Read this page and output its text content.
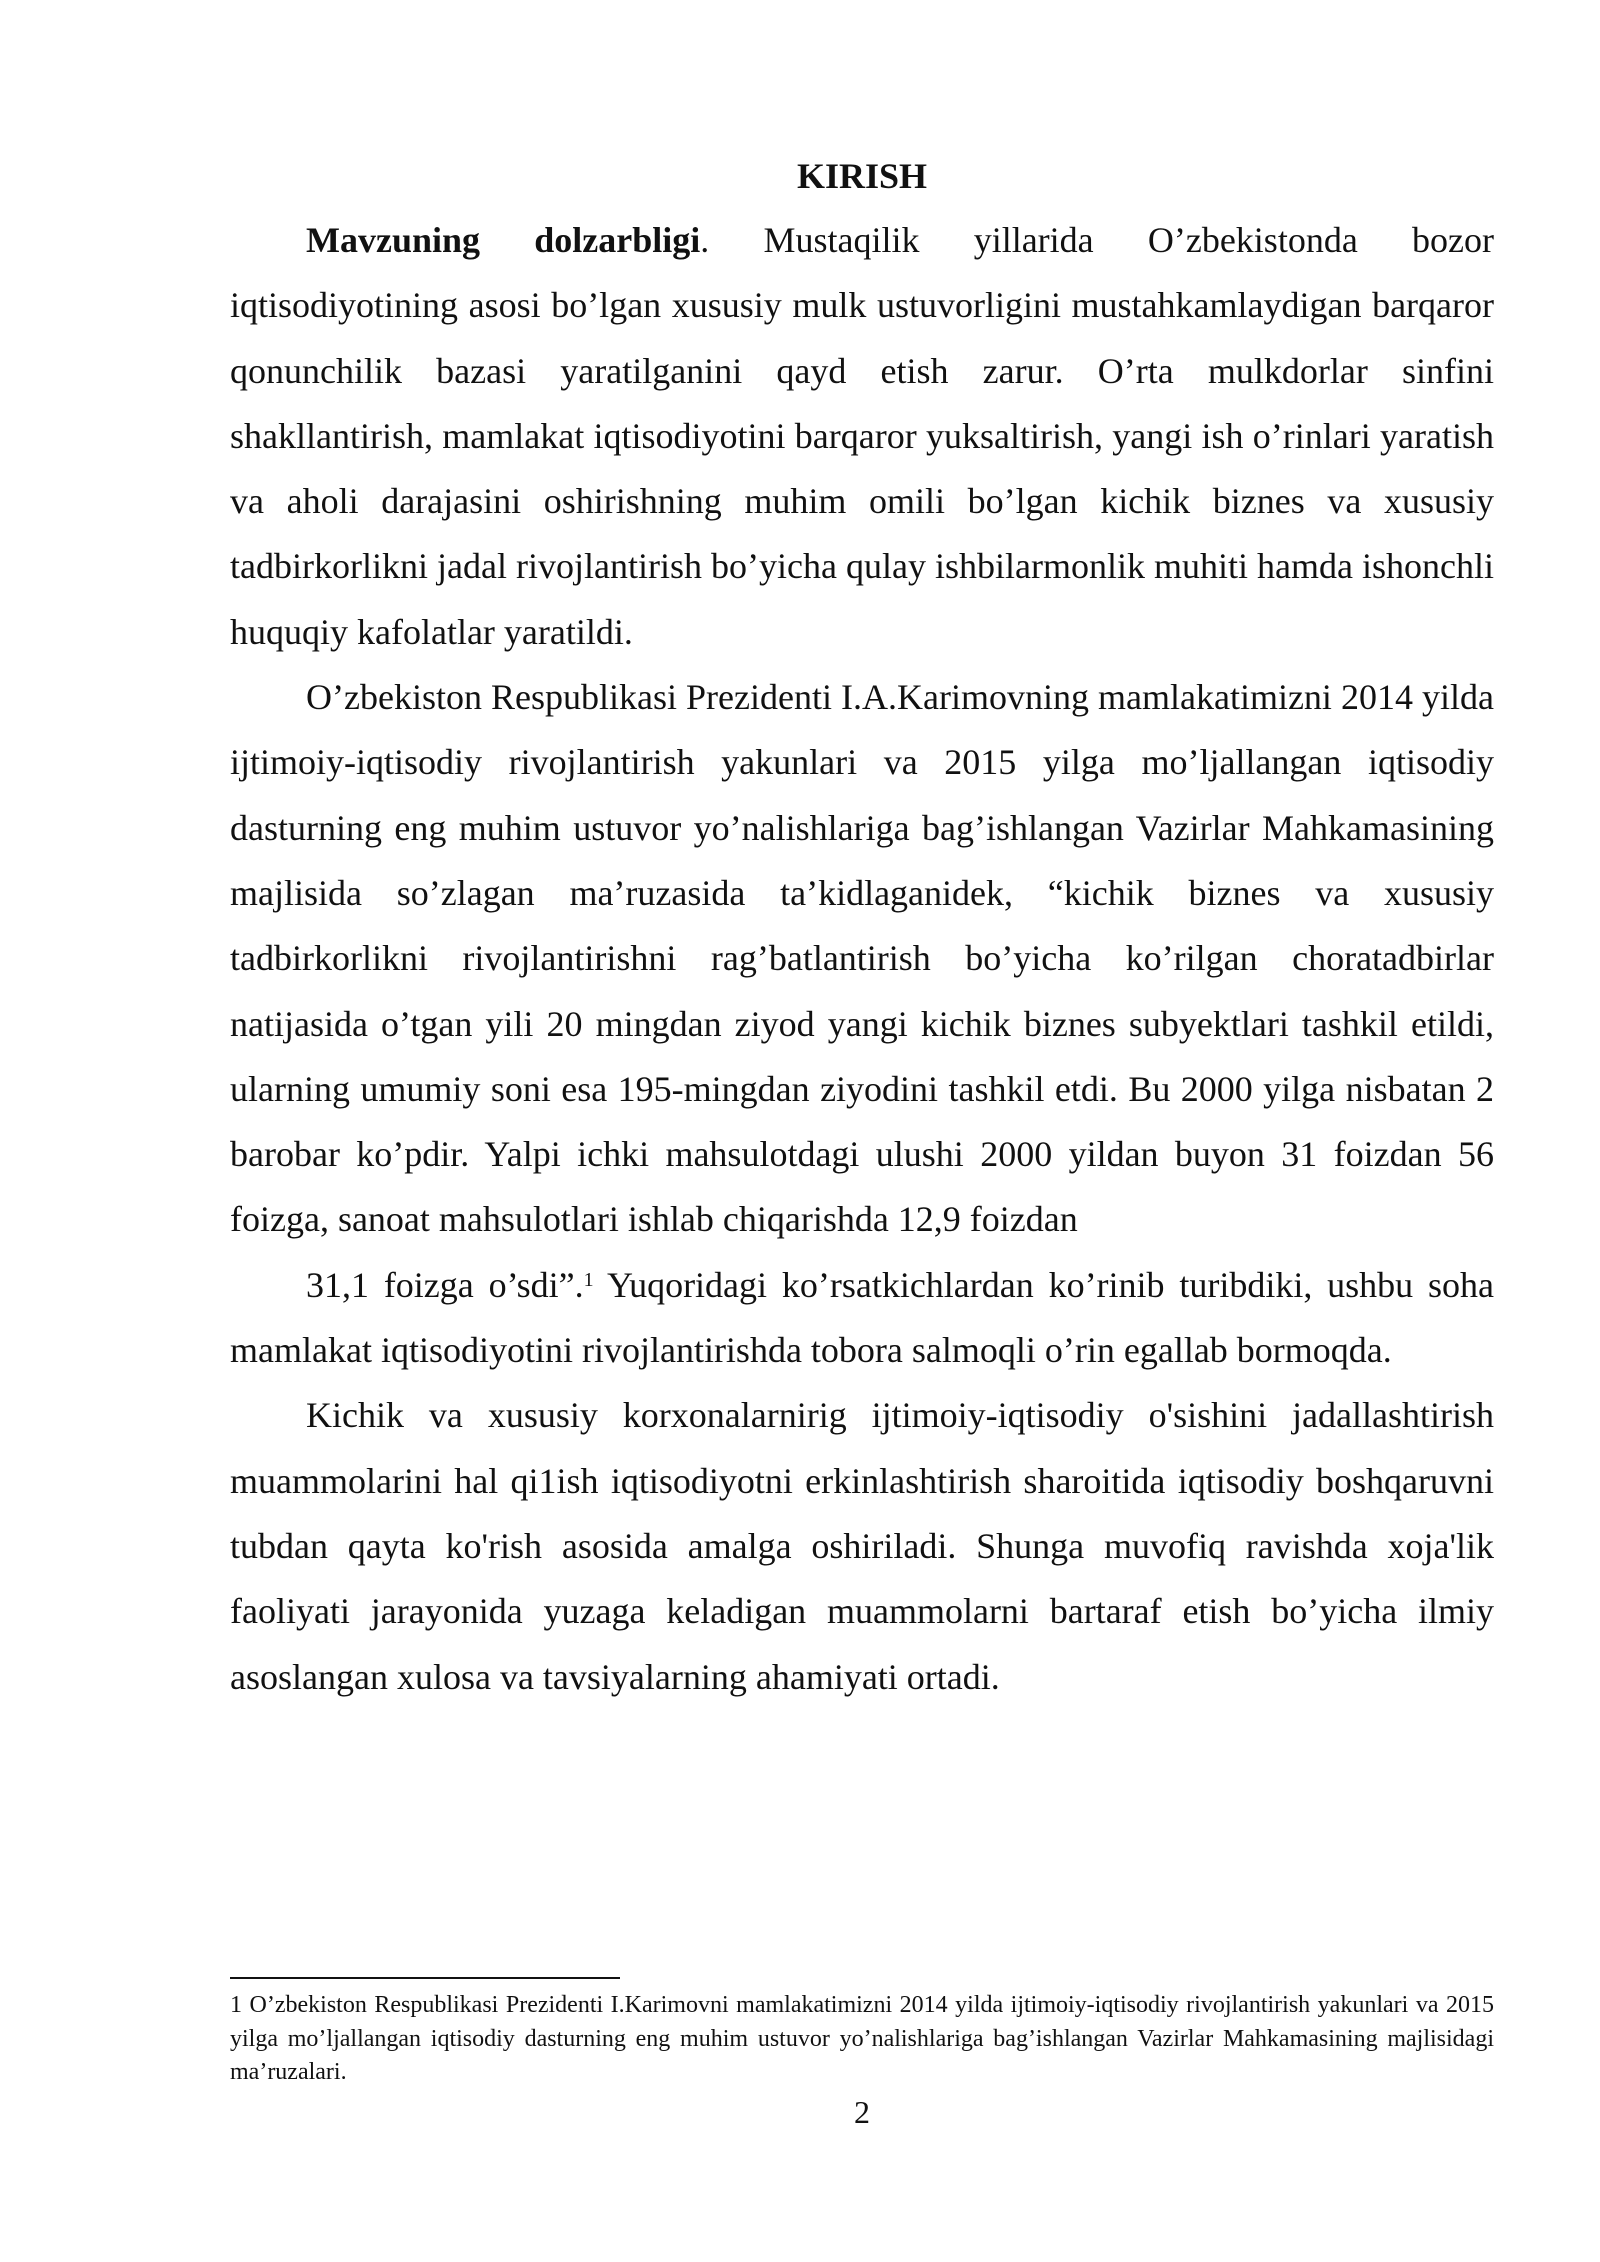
KIRISH

Mavzuning dolzarbligi. Mustaqilik yillarida O’zbekistonda bozor iqtisodiyotining asosi bo’lgan xususiy mulk ustuvorligini mustahkamlaydigan barqaror qonunchilik bazasi yaratilganini qayd etish zarur. O’rta mulkdorlar sinfini shakllantirish, mamlakat iqtisodiyotini barqaror yuksaltirish, yangi ish o’rinlari yaratish va aholi darajasini oshirishning muhim omili bo’lgan kichik biznes va xususiy tadbirkorlikni jadal rivojlantirish bo’yicha qulay ishbilarmonlik muhiti hamda ishonchli huquqiy kafolatlar yaratildi.

O’zbekiston Respublikasi Prezidenti I.A.Karimovning mamlakatimizni 2014 yilda ijtimoiy-iqtisodiy rivojlantirish yakunlari va 2015 yilga mo’ljallangan iqtisodiy dasturning eng muhim ustuvor yo’nalishlariga bag’ishlangan Vazirlar Mahkamasining majlisida so’zlagan ma’ruzasida ta’kidlaganidek, “kichik biznes va xususiy tadbirkorlikni rivojlantirishni rag’batlantirish bo’yicha ko’rilgan choratadbirlar natijasida o’tgan yili 20 mingdan ziyod yangi kichik biznes subyektlari tashkil etildi, ularning umumiy soni esa 195-mingdan ziyodini tashkil etdi. Bu 2000 yilga nisbatan 2 barobar ko’pdir. Yalpi ichki mahsulotdagi ulushi 2000 yildan buyon 31 foizdan 56 foizga, sanoat mahsulotlari ishlab chiqarishda 12,9 foizdan

31,1 foizga o’sdi”.$^1$ Yuqoridagi ko’rsatkichlardan ko’rinib turibdiki, ushbu soha mamlakat iqtisodiyotini rivojlantirishda tobora salmoqli o’rin egallab bormoqda.

Kichik va xususiy korxonalarnirig ijtimoiy-iqtisodiy o'sishini jadallashtirish muammolarini hal qi1ish iqtisodiyotni erkinlashtirish sharoitida iqtisodiy boshqaruvni tubdan qayta ko'rish asosida amalga oshiriladi. Shunga muvofiq ravishda xoja'lik faoliyati jarayonida yuzaga keladigan muammolarni bartaraf etish bo’yicha ilmiy asoslangan xulosa va tavsiyalarning ahamiyati ortadi.

1 O’zbekiston Respublikasi Prezidenti I.Karimovni mamlakatimizni 2014 yilda ijtimoiy-iqtisodiy rivojlantirish yakunlari va 2015 yilga mo’ljallangan iqtisodiy dasturning eng muhim ustuvor yo’nalishlariga bag’ishlangan Vazirlar Mahkamasining majlisidagi ma’ruzalari.

2
